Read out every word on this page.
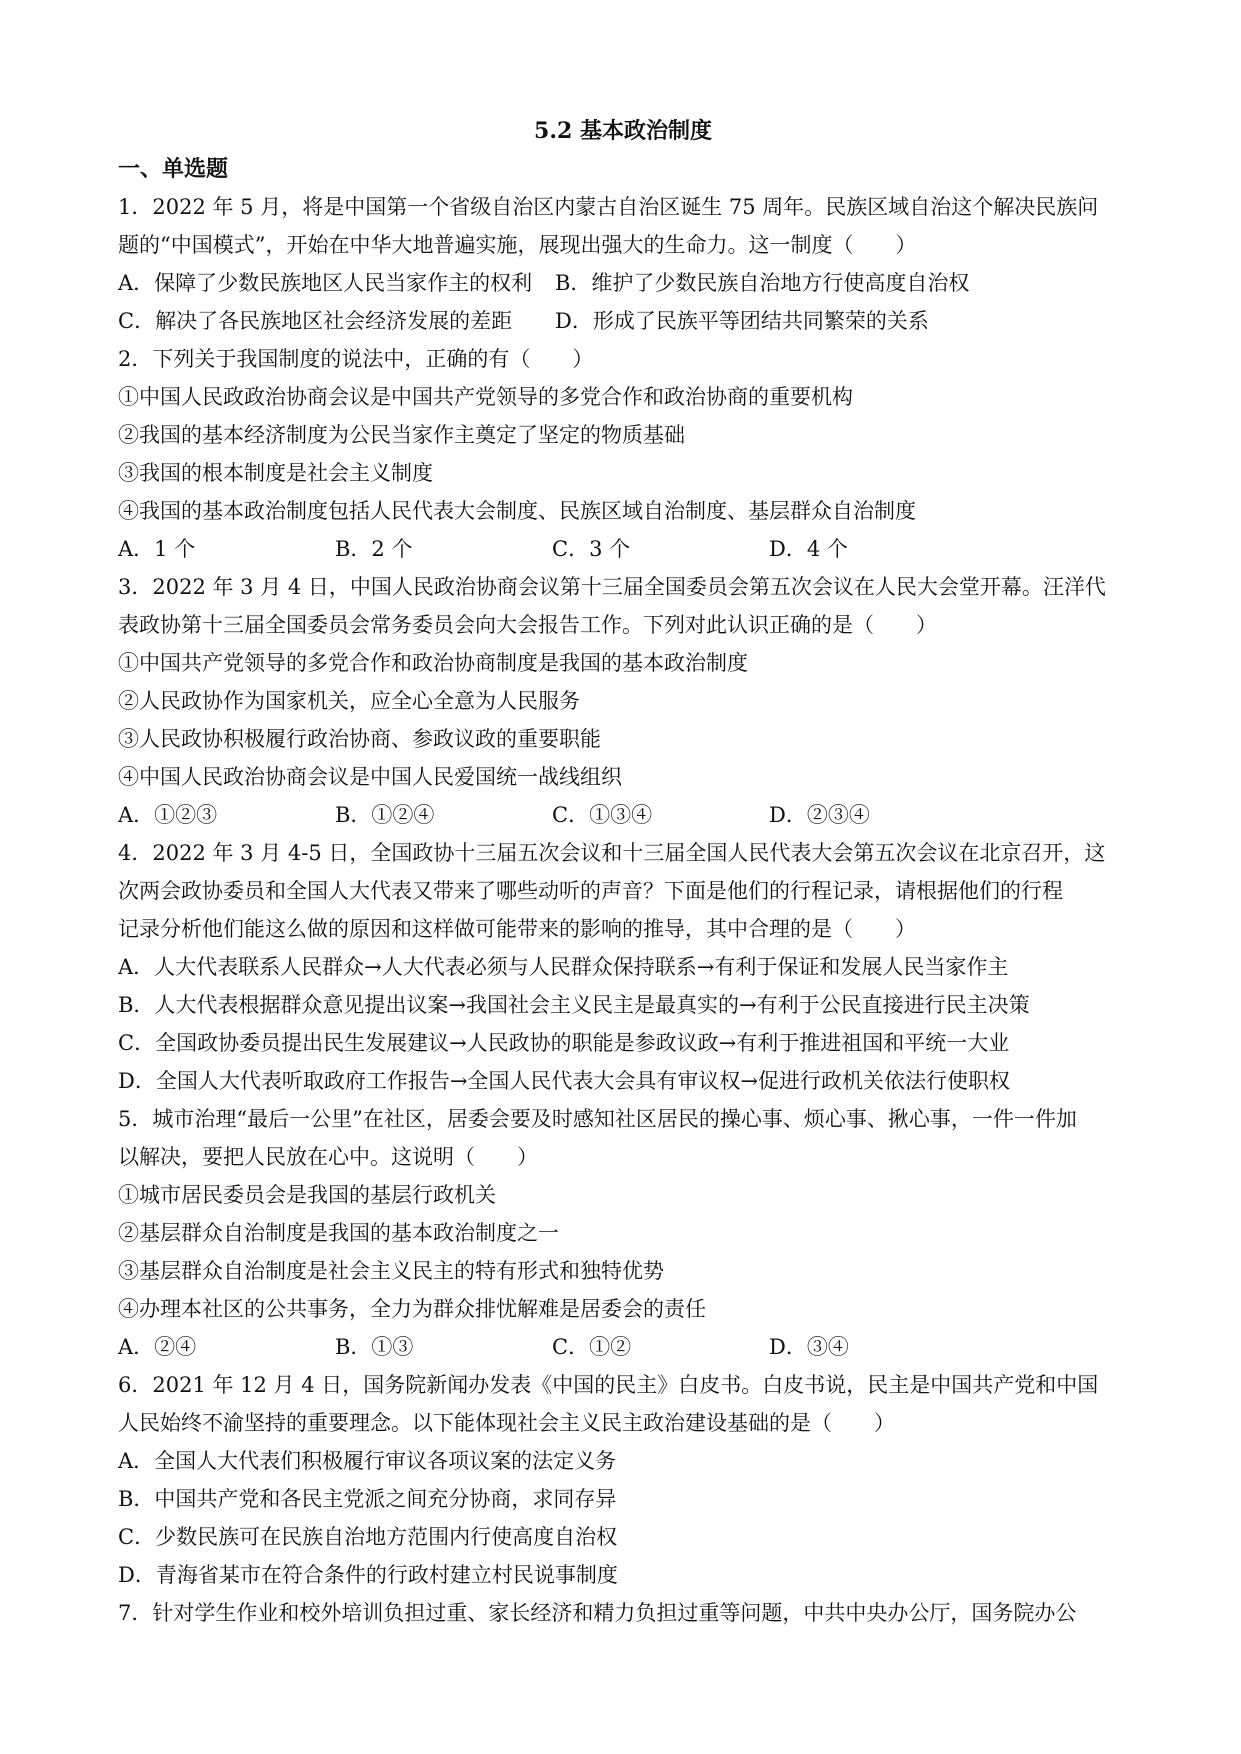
5.2 基本政治制度
一、单选题
1．2022 年 5 月，将是中国第一个省级自治区内蒙古自治区诞生 75 周年。民族区域自治这个解决民族问
题的“中国模式”，开始在中华大地普遍实施，展现出强大的生命力。这一制度（　　）
A．保障了少数民族地区人民当家作主的权利	B．维护了少数民族自治地方行使高度自治权
C．解决了各民族地区社会经济发展的差距	D．形成了民族平等团结共同繁荣的关系
2．下列关于我国制度的说法中，正确的有（　　）
①中国人民政政治协商会议是中国共产党领导的多党合作和政治协商的重要机构
②我国的基本经济制度为公民当家作主奠定了坚定的物质基础
③我国的根本制度是社会主义制度
④我国的基本政治制度包括人民代表大会制度、民族区域自治制度、基层群众自治制度
A．1 个	B．2 个	C．3 个	D．4 个
3．2022 年 3 月 4 日，中国人民政治协商会议第十三届全国委员会第五次会议在人民大会堂开幕。汪洋代
表政协第十三届全国委员会常务委员会向大会报告工作。下列对此认识正确的是（　　）
①中国共产党领导的多党合作和政治协商制度是我国的基本政治制度
②人民政协作为国家机关，应全心全意为人民服务
③人民政协积极履行政治协商、参政议政的重要职能
④中国人民政治协商会议是中国人民爱国统一战线组织
A．①②③	B．①②④	C．①③④	D．②③④
4．2022 年 3 月 4-5 日，全国政协十三届五次会议和十三届全国人民代表大会第五次会议在北京召开，这
次两会政协委员和全国人大代表又带来了哪些动听的声音？下面是他们的行程记录，请根据他们的行程
记录分析他们能这么做的原因和这样做可能带来的影响的推导，其中合理的是（　　）
A．人大代表联系人民群众→人大代表必须与人民群众保持联系→有利于保证和发展人民当家作主
B．人大代表根据群众意见提出议案→我国社会主义民主是最真实的→有利于公民直接进行民主决策
C．全国政协委员提出民生发展建议→人民政协的职能是参政议政→有利于推进祖国和平统一大业
D．全国人大代表听取政府工作报告→全国人民代表大会具有审议权→促进行政机关依法行使职权
5．城市治理“最后一公里”在社区，居委会要及时感知社区居民的操心事、烦心事、揪心事，一件一件加
以解决，要把人民放在心中。这说明（　　）
①城市居民委员会是我国的基层行政机关
②基层群众自治制度是我国的基本政治制度之一
③基层群众自治制度是社会主义民主的特有形式和独特优势
④办理本社区的公共事务，全力为群众排忧解难是居委会的责任
A．②④	B．①③	C．①②	D．③④
6．2021 年 12 月 4 日，国务院新闻办发表《中国的民主》白皮书。白皮书说，民主是中国共产党和中国
人民始终不渝坚持的重要理念。以下能体现社会主义民主政治建设基础的是（　　）
A．全国人大代表们积极履行审议各项议案的法定义务
B．中国共产党和各民主党派之间充分协商，求同存异
C．少数民族可在民族自治地方范围内行使高度自治权
D．青海省某市在符合条件的行政村建立村民说事制度
7．针对学生作业和校外培训负担过重、家长经济和精力负担过重等问题，中共中央办公厅，国务院办公
